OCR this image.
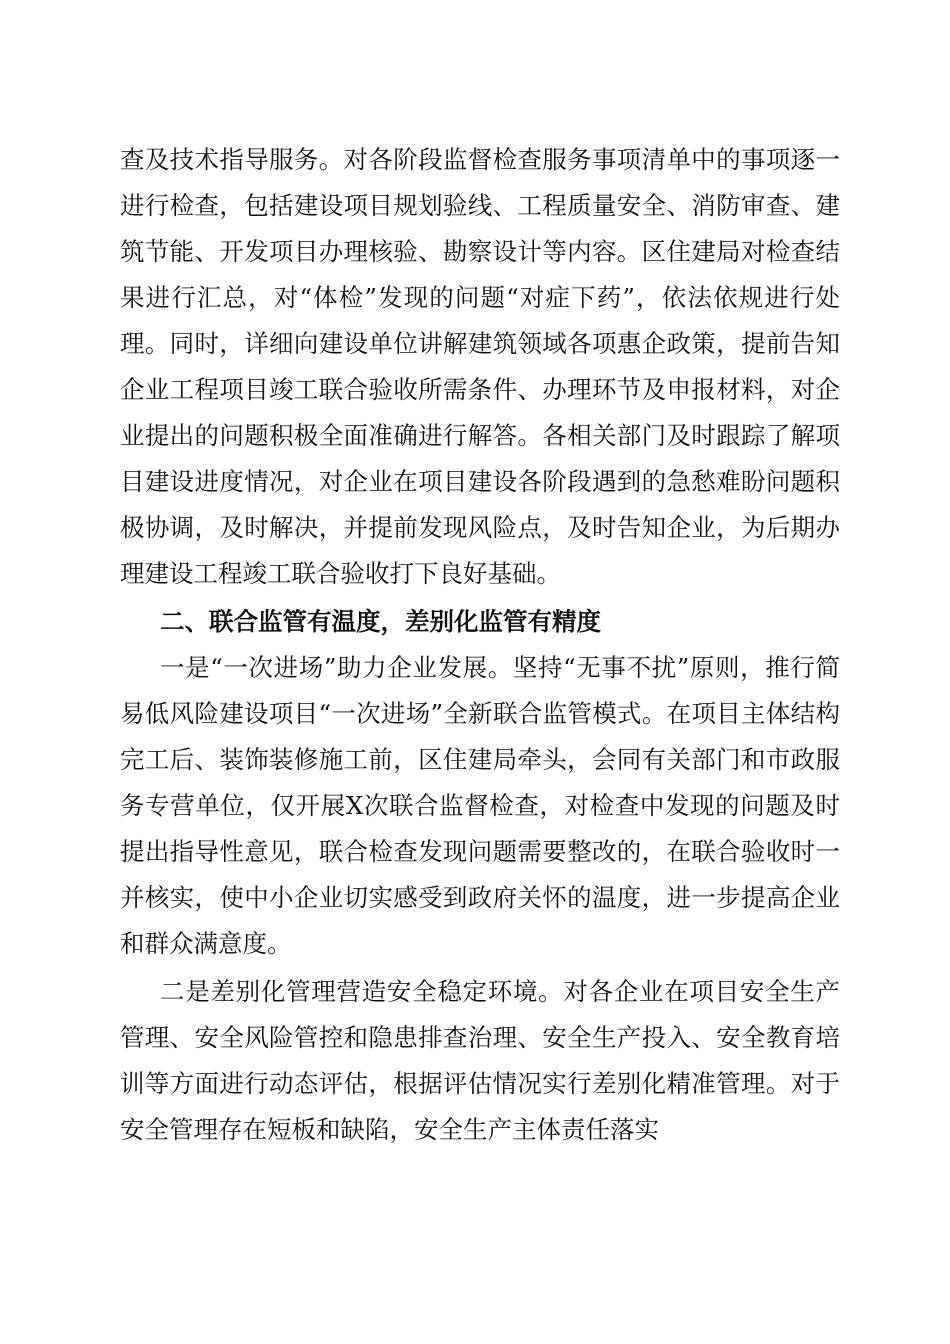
查及技术指导服务。对各阶段监督检查服务事项清单中的事项逐一进行检查，包括建设项目规划验线、工程质量安全、消防审查、建筑节能、开发项目办理核验、勘察设计等内容。区住建局对检查结果进行汇总，对“体检”发现的问题“对症下药”，依法依规进行处理。同时，详细向建设单位讲解建筑领域各项惠企政策，提前告知企业工程项目竣工联合验收所需条件、办理环节及申报材料，对企业提出的问题积极全面准确进行解答。各相关部门及时跟踪了解项目建设进度情况，对企业在项目建设各阶段遇到的急愁难盼问题积极协调，及时解决，并提前发现风险点，及时告知企业，为后期办理建设工程竣工联合验收打下良好基础。

二、联合监管有温度，差别化监管有精度

一是“一次进场”助力企业发展。坚持“无事不扰”原则，推行简易低风险建设项目“一次进场”全新联合监管模式。在项目主体结构完工后、装饰装修施工前，区住建局牵头，会同有关部门和市政服务专营单位，仅开展X次联合监督检查，对检查中发现的问题及时提出指导性意见，联合检查发现问题需要整改的，在联合验收时一并核实，使中小企业切实感受到政府关怀的温度，进一步提高企业和群众满意度。

二是差别化管理营造安全稳定环境。对各企业在项目安全生产管理、安全风险管控和隐患排查治理、安全生产投入、安全教育培训等方面进行动态评估，根据评估情况实行差别化精准管理。对于安全管理存在短板和缺陷，安全生产主体责任落实
